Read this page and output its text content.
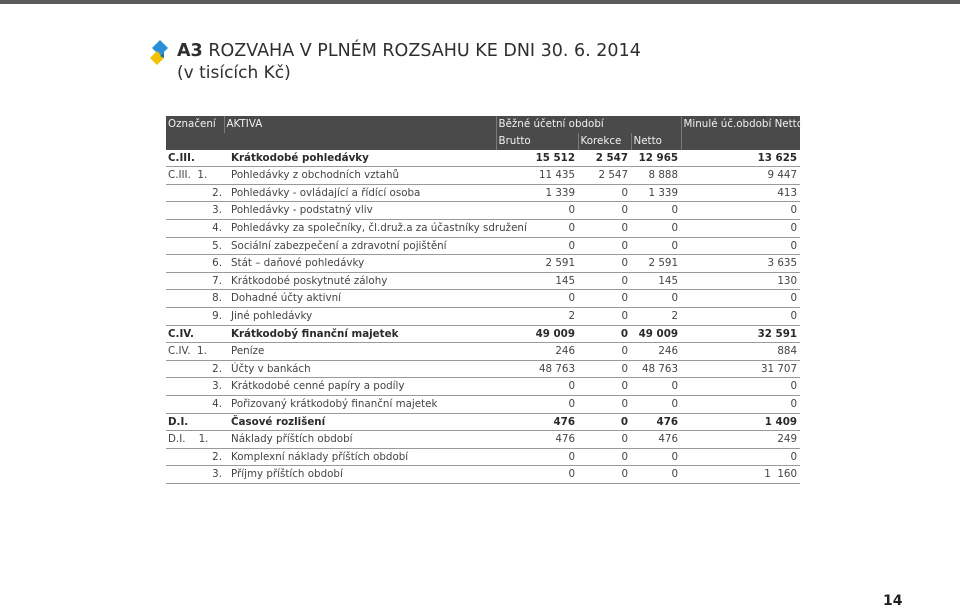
A3 ROZVAHA V PLNÉM ROZSAHU KE DNI 30. 6. 2014
(v tisících Kč)
Označení	AKTIVA	Běžné účetní období			Minulé úč.období Netto
		Brutto	Korekce	Netto	
C.III.	Krátkodobé pohledávky	15 512	2 547	12 965	13 625
C.III.  1.	Pohledávky z obchodních vztahů	11 435	2 547	8 888	9 447
2.	Pohledávky - ovládající a řídící osoba	1 339	0	1 339	413
3.	Pohledávky - podstatný vliv	0	0	0	0
4.	Pohledávky za společníky, čl.druž.a za účastníky sdružení	0	0	0	0
5.	Sociální zabezpečení a zdravotní pojištění	0	0	0	0
6.	Stát – daňové pohledávky	2 591	0	2 591	3 635
7.	Krátkodobé poskytnuté zálohy	145	0	145	130
8.	Dohadné účty aktivní	0	0	0	0
9.	Jiné pohledávky	2	0	2	0
C.IV.	Krátkodobý finanční majetek	49 009	0	49 009	32 591
C.IV.  1.	Peníze	246	0	246	884
2.	Účty v bankách	48 763	0	48 763	31 707
3.	Krátkodobé cenné papíry a podíly	0	0	0	0
4.	Pořizovaný krátkodobý finanční majetek	0	0	0	0
D.I.	Časové rozlišení	476	0	476	1 409
D.I.    1.	Náklady příštích období	476	0	476	249
2.	Komplexní náklady příštích období	0	0	0	0
3.	Příjmy příštích období	0	0	0	1  160
14
